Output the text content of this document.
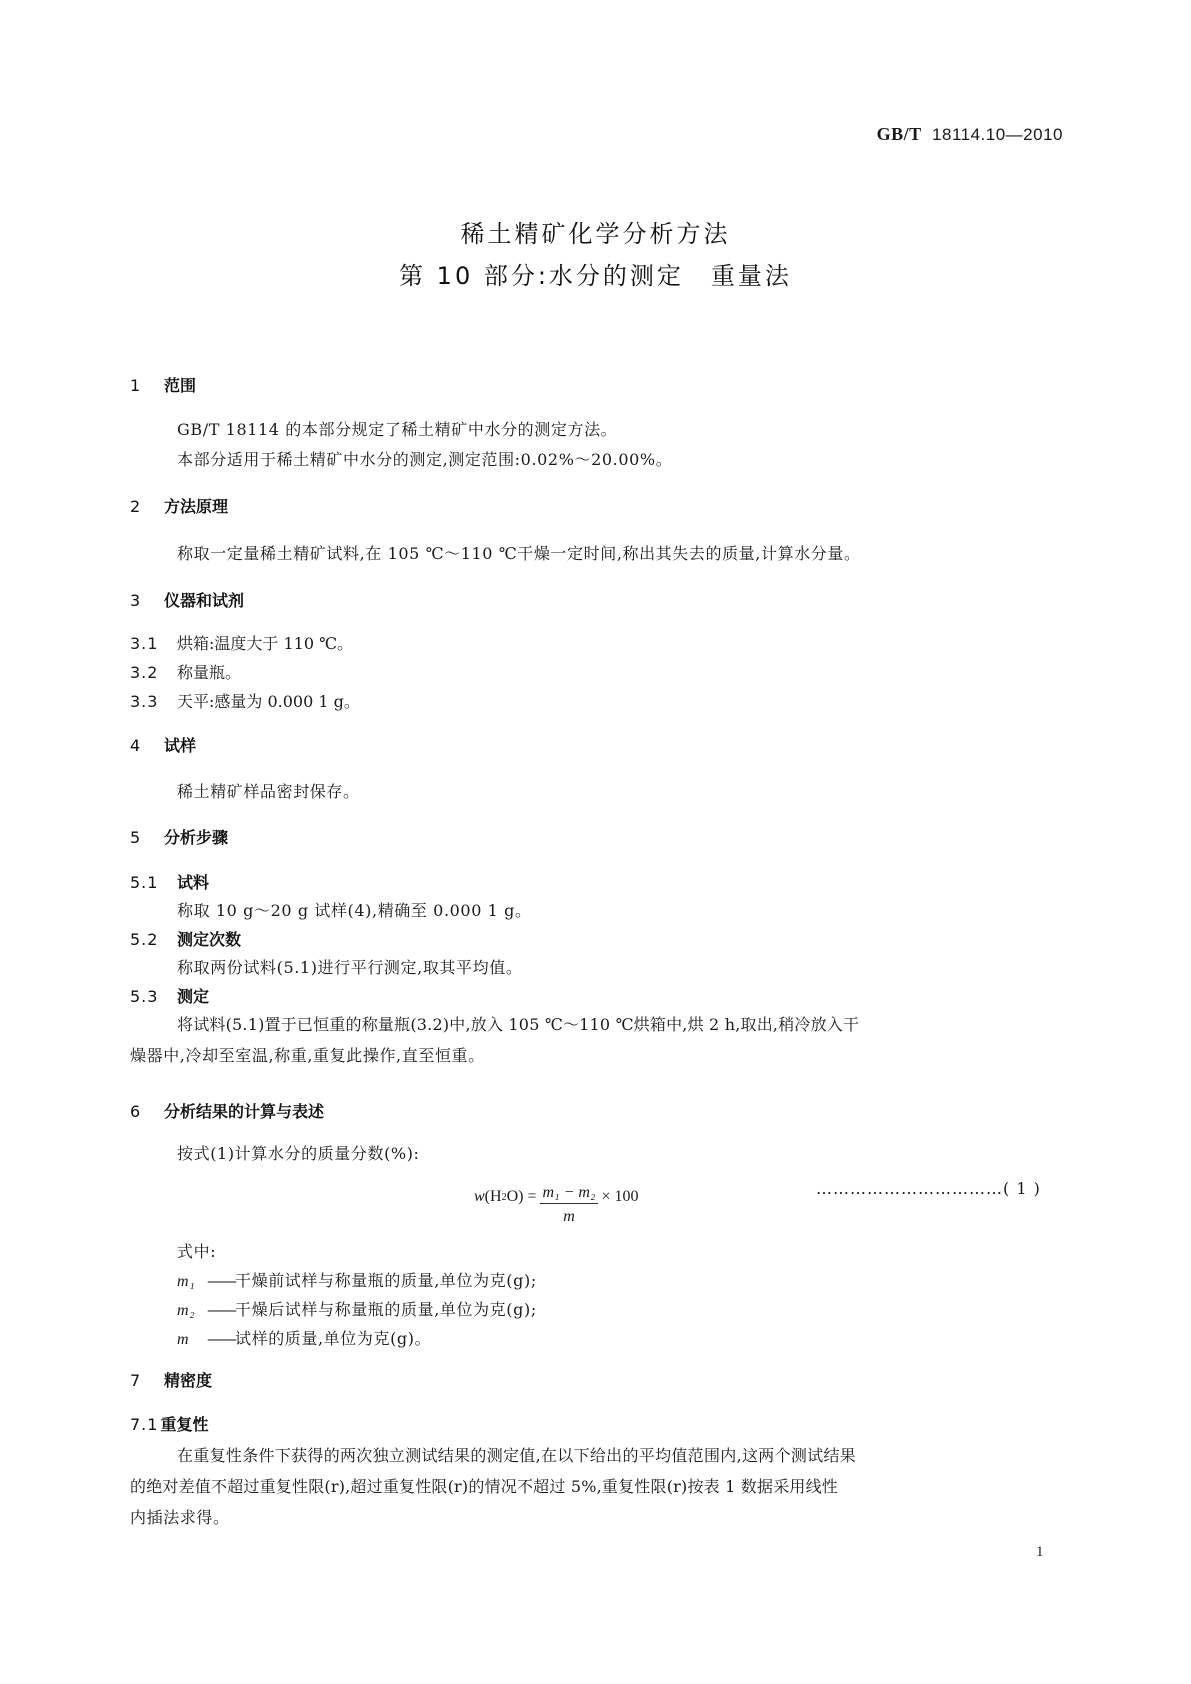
GB/T 18114.10—2010
稀土精矿化学分析方法
第 10 部分:水分的测定　重量法
1 范围
GB/T 18114 的本部分规定了稀土精矿中水分的测定方法。
本部分适用于稀土精矿中水分的测定,测定范围:0.02%～20.00%。
2 方法原理
称取一定量稀土精矿试料,在 105 ℃～110 ℃干燥一定时间,称出其失去的质量,计算水分量。
3 仪器和试剂
3.1 烘箱:温度大于 110 ℃。
3.2 称量瓶。
3.3 天平:感量为 0.000 1 g。
4 试样
稀土精矿样品密封保存。
5 分析步骤
5.1 试料
称取 10 g～20 g 试样(4),精确至 0.000 1 g。
5.2 测定次数
称取两份试料(5.1)进行平行测定,取其平均值。
5.3 测定
将试料(5.1)置于已恒重的称量瓶(3.2)中,放入 105 ℃～110 ℃烘箱中,烘 2 h,取出,稍冷放入干
燥器中,冷却至室温,称重,重复此操作,直至恒重。
6 分析结果的计算与表述
按式(1)计算水分的质量分数(%):
w (H 2 $O) = \frac{\text{m₁ − m₂}}{m} \times 100$	……………………………( 1 )
式中:
m₁ ——干燥前试样与称量瓶的质量,单位为克(g);
m₂ ——干燥后试样与称量瓶的质量,单位为克(g);
m ——试样的质量,单位为克(g)。
7 精密度
7.1 重复性
在重复性条件下获得的两次独立测试结果的测定值,在以下给出的平均值范围内,这两个测试结果
的绝对差值不超过重复性限(r),超过重复性限(r)的情况不超过 5%,重复性限(r)按表 1 数据采用线性
内插法求得。
1
